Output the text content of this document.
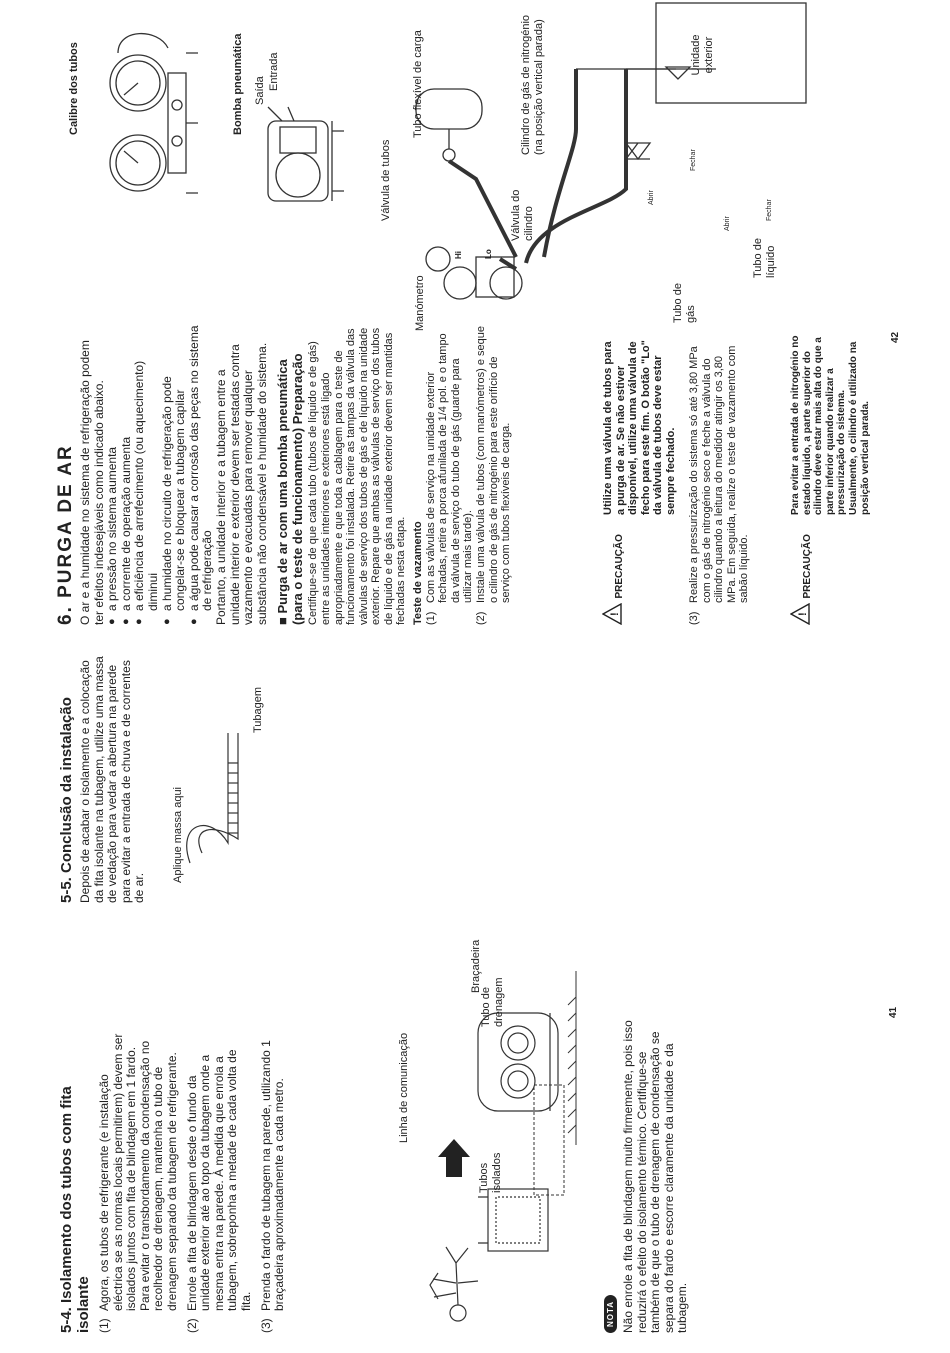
5-4. Isolamento dos tubos com fita isolante (1)
Agora, os tubos de refrigerante (e instalação eléctrica se as normas locais permitirem) devem ser isolados juntos com fita de blindagem em 1 fardo. Para evitar o transbordamento da condensação no recolhedor de drenagem, mantenha o tubo de drenagem separado da tubagem de refrigerante.
(2)
Enrole a fita de blindagem desde o fundo da unidade exterior até ao topo da tubagem onde a mesma entra na parede. À medida que enrola a tubagem, sobreponha a metade de cada volta de fita.
(3)
Prenda o fardo de tubagem na parede, utilizando 1 braçadeira aproximadamente a cada metro.	Linha de comunicação
Braçadeira
Tubos isolados
Tubo de drenagem
NOTA Não enrole a fita de blindagem muito firmemente, pois isso reduzirá o efeito do isolamento térmico. Certifique-se também de que o tubo de drenagem de condensação se separa do fardo e escorre claramente da unidade e da tubagem.
41
5-5. Conclusão da instalação Depois de acabar o isolamento e a colocação da fita isolante na tubagem, utilize uma massa de vedação para vedar a abertura na parede para evitar a entrada de chuva e de correntes de ar.
Aplique massa aqui
Tubagem
6. PURGA DE AR O ar e a humidade no sistema de refrigeração podem ter efeitos indesejáveis como indicado abaixo. ●
a pressão no sistema aumenta
●
a corrente de operação aumenta
●
a eficiência de arrefecimento (ou aquecimento) diminui
●
a humidade no circuito de refrigeração pode congelar-se e bloquear a tubagem capilar
●
a água pode causar a corrosão das peças no sistema de refrigeração Portanto, a unidade interior e a tubagem entre a unidade interior e exterior devem ser testadas contra vazamento e evacuadas para remover qualquer substância não condensável e humidade do sistema. ■ Purga de ar com uma bomba pneumática (para o teste de funcionamento) Preparação Certifique-se de que cada tubo (tubos de líquido e de gás) entre as unidades interiores e exteriores está ligado apropriadamente e que toda a cablagem para o teste de funcionamento foi instalada. Retire as tampas da válvula das válvulas de serviço dos tubos de gás e de líquido na unidade exterior. Repare que ambas as válvulas de serviço dos tubos de líquido e de gás na unidade exterior devem ser mantidas fechadas nesta etapa. Teste de vazamento (1)
Com as válvulas de serviço na unidade exterior fechadas, retire a porca afunilada de 1/4 pol. e o tampo da válvula de serviço do tubo de gás (guarde para utilizar mais tarde).
(2)
Instale uma válvula de tubos (com manómetros) e seque o cilindro de gás de nitrogénio para este orifício de serviço com tubos flexíveis de carga.
!
PRECAUÇÃO
Utilize uma válvula de tubos para a purga de ar. Se não estiver disponível, utilize uma válvula de fecho para este fim. O botão "Lo" da válvula de tubos deve estar sempre fechado.
(3)
Realize a pressurização do sistema só até 3,80 MPa com o gás de nitrogénio seco e feche a válvula do cilindro quando a leitura do medidor atingir os 3,80 MPa. Em seguida, realize o teste de vazamento com sabão líquido.
!
PRECAUÇÃO
Para evitar a entrada de nitrogénio no estado líquido, a parte superior do cilindro deve estar mais alta do que a parte inferior quando realizar a pressurização do sistema. Usualmente, o cilindro é utilizado na posição vertical parada.
42
Calibre dos tubos	Bomba pneumática Saída Entrada
Válvula de tubos
Manómetro
Lo
Hi
Tubo flexível de carga	Cilindro de gás de nitrogénio (na posição vertical parada)
Válvula do cilindro
Unidade exterior
Fechar
Fechar
Abrir
Abrir
Tubo de gás
Tubo de líquido
